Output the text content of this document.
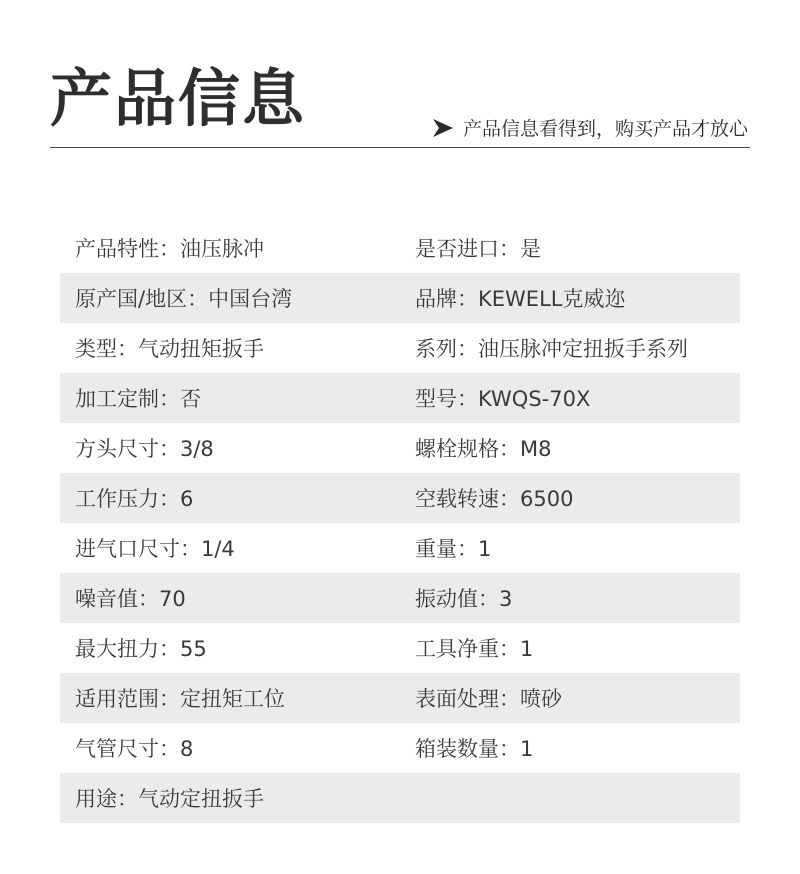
产品信息	产品信息看得到，购买产品才放心
产品特性：油压脉冲	是否进口：是
原产国/地区：中国台湾	品牌：KEWELL克威迩
类型：气动扭矩扳手	系列：油压脉冲定扭扳手系列
加工定制：否	型号：KWQS-70X
方头尺寸：3/8	螺栓规格：M8
工作压力：6	空载转速：6500
进气口尺寸：1/4	重量：1
噪音值：70	振动值：3
最大扭力：55	工具净重：1
适用范围：定扭矩工位	表面处理：喷砂
气管尺寸：8	箱装数量：1
用途：气动定扭扳手
